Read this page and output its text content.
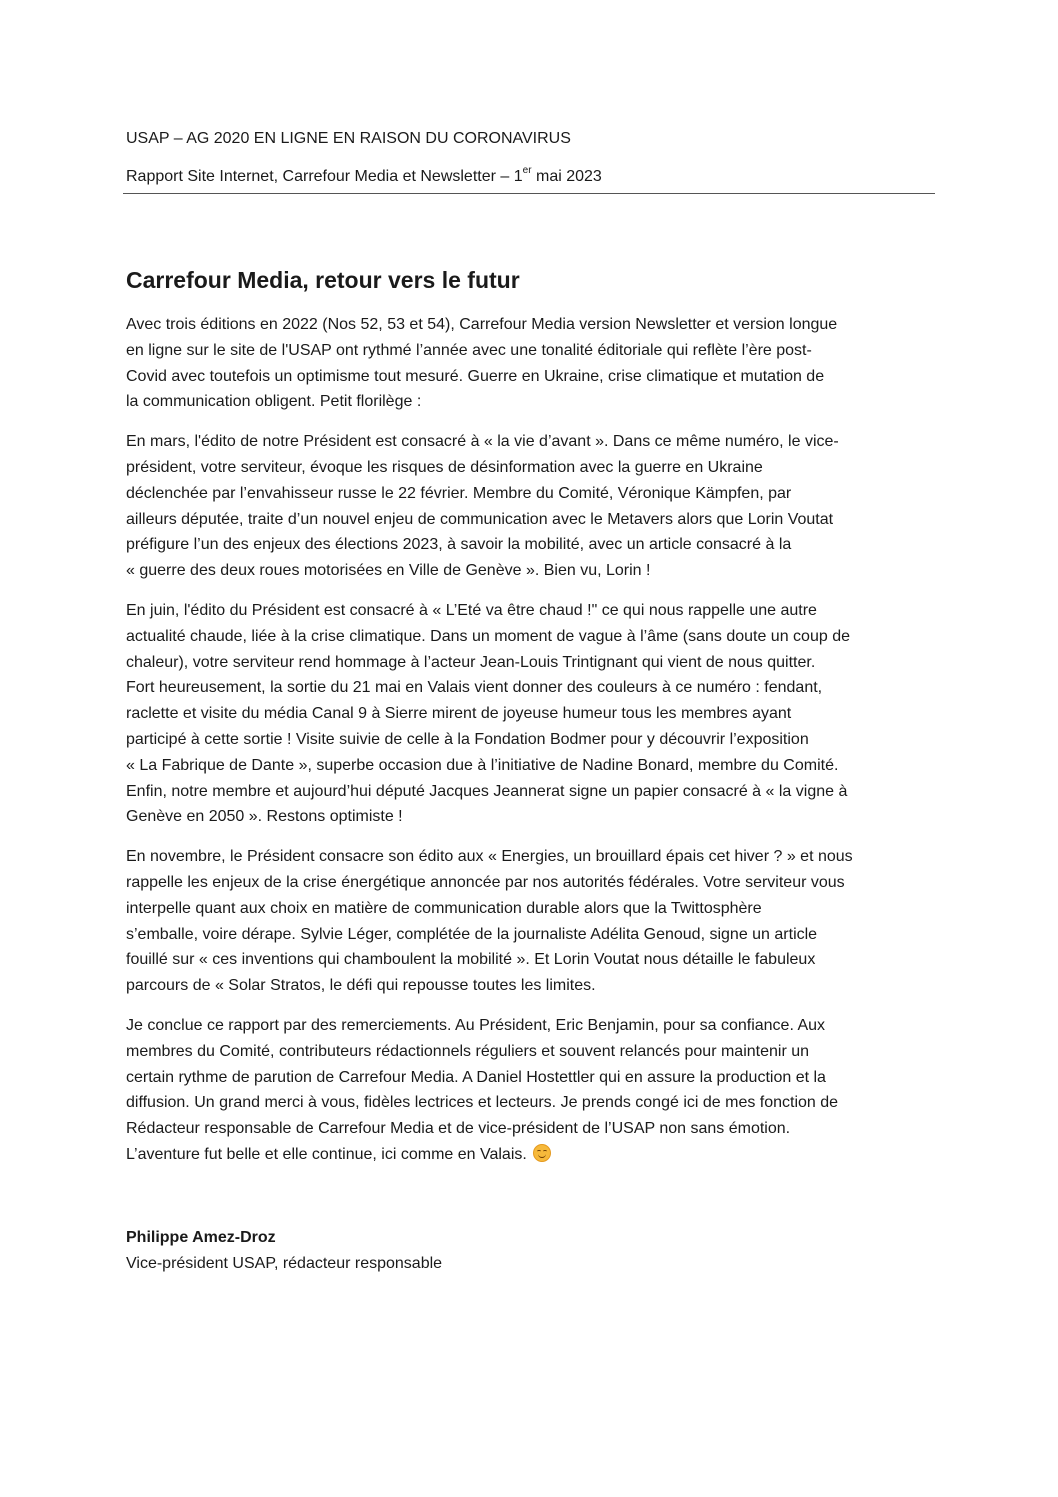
USAP – AG 2020 EN LIGNE EN RAISON DU CORONAVIRUS
Rapport Site Internet, Carrefour Media et Newsletter – 1er mai 2023
Carrefour Media, retour vers le futur

Avec trois éditions en 2022 (Nos 52, 53 et 54), Carrefour Media version Newsletter et version longue
en ligne sur le site de l'USAP ont rythmé l’année avec une tonalité éditoriale qui reflète l’ère post-
Covid avec toutefois un optimisme tout mesuré. Guerre en Ukraine, crise climatique et mutation de
la communication obligent. Petit florilège :

En mars, l'édito de notre Président est consacré à « la vie d’avant ». Dans ce même numéro, le vice-
président, votre serviteur, évoque les risques de désinformation avec la guerre en Ukraine
déclenchée par l’envahisseur russe le 22 février. Membre du Comité, Véronique Kämpfen, par
ailleurs députée, traite d’un nouvel enjeu de communication avec le Metavers alors que Lorin Voutat
préfigure l’un des enjeux des élections 2023, à savoir la mobilité, avec un article consacré à la
« guerre des deux roues motorisées en Ville de Genève ». Bien vu, Lorin !

En juin, l'édito du Président est consacré à « L’Eté va être chaud !" ce qui nous rappelle une autre
actualité chaude, liée à la crise climatique. Dans un moment de vague à l’âme (sans doute un coup de
chaleur), votre serviteur rend hommage à l’acteur Jean-Louis Trintignant qui vient de nous quitter.
Fort heureusement, la sortie du 21 mai en Valais vient donner des couleurs à ce numéro : fendant,
raclette et visite du média Canal 9 à Sierre mirent de joyeuse humeur tous les membres ayant
participé à cette sortie ! Visite suivie de celle à la Fondation Bodmer pour y découvrir l’exposition
« La Fabrique de Dante », superbe occasion due à l’initiative de Nadine Bonard, membre du Comité.
Enfin, notre membre et aujourd’hui député Jacques Jeannerat signe un papier consacré à « la vigne à
Genève en 2050 ». Restons optimiste !

En novembre, le Président consacre son édito aux « Energies, un brouillard épais cet hiver ? » et nous
rappelle les enjeux de la crise énergétique annoncée par nos autorités fédérales. Votre serviteur vous
interpelle quant aux choix en matière de communication durable alors que la Twittosphère
s’emballe, voire dérape. Sylvie Léger, complétée de la journaliste Adélita Genoud, signe un article
fouillé sur « ces inventions qui chamboulent la mobilité ». Et Lorin Voutat nous détaille le fabuleux
parcours de « Solar Stratos, le défi qui repousse toutes les limites.

Je conclue ce rapport par des remerciements. Au Président, Eric Benjamin, pour sa confiance. Aux
membres du Comité, contributeurs rédactionnels réguliers et souvent relancés pour maintenir un
certain rythme de parution de Carrefour Media. A Daniel Hostettler qui en assure la production et la
diffusion. Un grand merci à vous, fidèles lectrices et lecteurs. Je prends congé ici de mes fonction de
Rédacteur responsable de Carrefour Media et de vice-président de l’USAP non sans émotion.
L’aventure fut belle et elle continue, ici comme en Valais.

Philippe Amez-Droz
Vice-président USAP, rédacteur responsable
